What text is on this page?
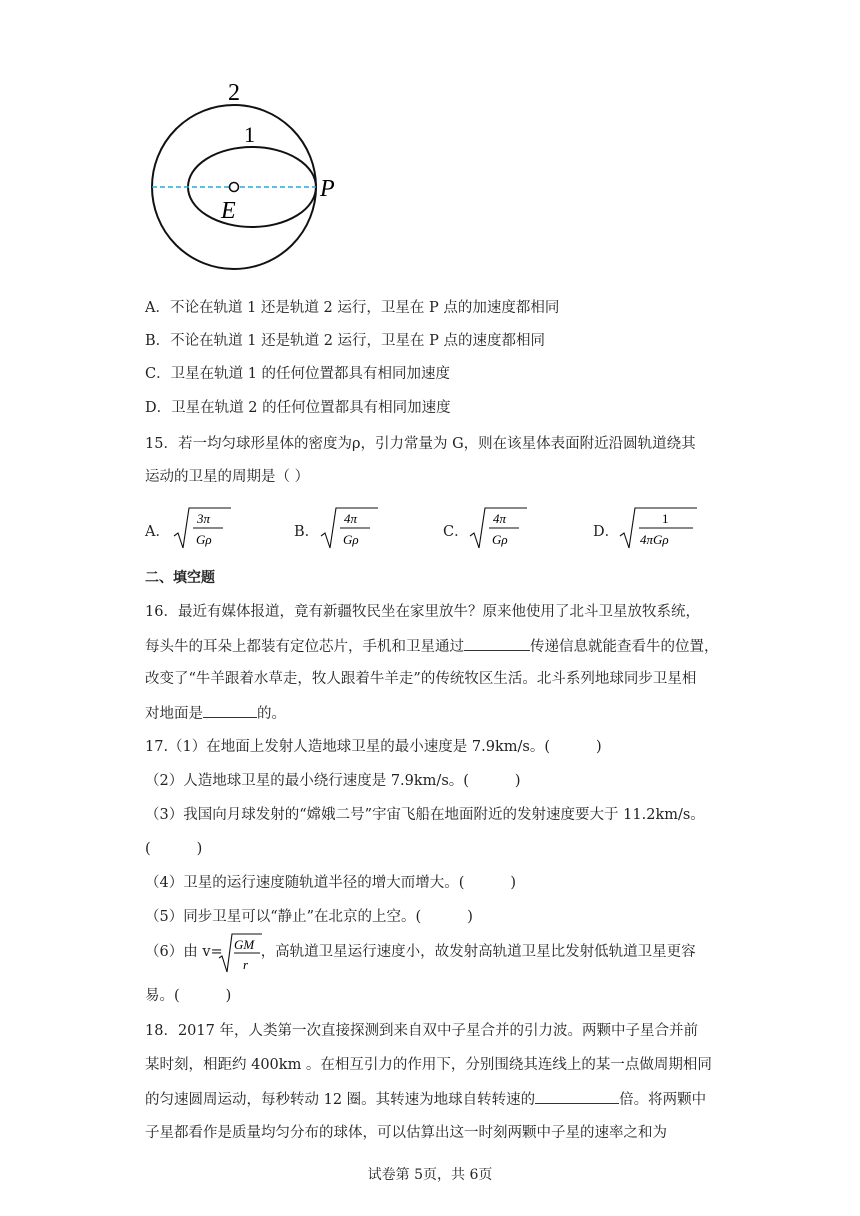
2
1
E
P
A．不论在轨道 1 还是轨道 2 运行，卫星在 P 点的加速度都相同
B．不论在轨道 1 还是轨道 2 运行，卫星在 P 点的速度都相同
C．卫星在轨道 1 的任何位置都具有相同加速度
D．卫星在轨道 2 的任何位置都具有相同加速度
15．若一均匀球形星体的密度为ρ，引力常量为 G，则在该星体表面附近沿圆轨道绕其
运动的卫星的周期是（ ）
A．
3π
Gρ	B．
4π
Gρ	C．
4π
Gρ	D．
1
4πGρ
二、填空题
16．最近有媒体报道，竟有新疆牧民坐在家里放牛？原来他使用了北斗卫星放牧系统，
每头牛的耳朵上都装有定位芯片，手机和卫星通过	传递信息就能查看牛的位置，
改变了“牛羊跟着水草走，牧人跟着牛羊走”的传统牧区生活。北斗系列地球同步卫星相
对地面是	的。
17.（1）在地面上发射人造地球卫星的最小速度是 7.9km/s。(	)
（2）人造地球卫星的最小绕行速度是 7.9km/s。(	)
（3）我国向月球发射的“嫦娥二号”宇宙飞船在地面附近的发射速度要大于 11.2km/s。
(	)
（4）卫星的运行速度随轨道半径的增大而增大。(	)
（5）同步卫星可以“静止”在北京的上空。(	)
（6）由 v=	，高轨道卫星运行速度小，故发射高轨道卫星比发射低轨道卫星更容
GM
r
易。(	)
18．2017 年，人类第一次直接探测到来自双中子星合并的引力波。两颗中子星合并前
某时刻，相距约 400km 。在相互引力的作用下，分别围绕其连线上的某一点做周期相同
的匀速圆周运动，每秒转动 12 圈。其转速为地球自转转速的	倍。将两颗中
子星都看作是质量均匀分布的球体，可以估算出这一时刻两颗中子星的速率之和为
试卷第 5页，共 6页
